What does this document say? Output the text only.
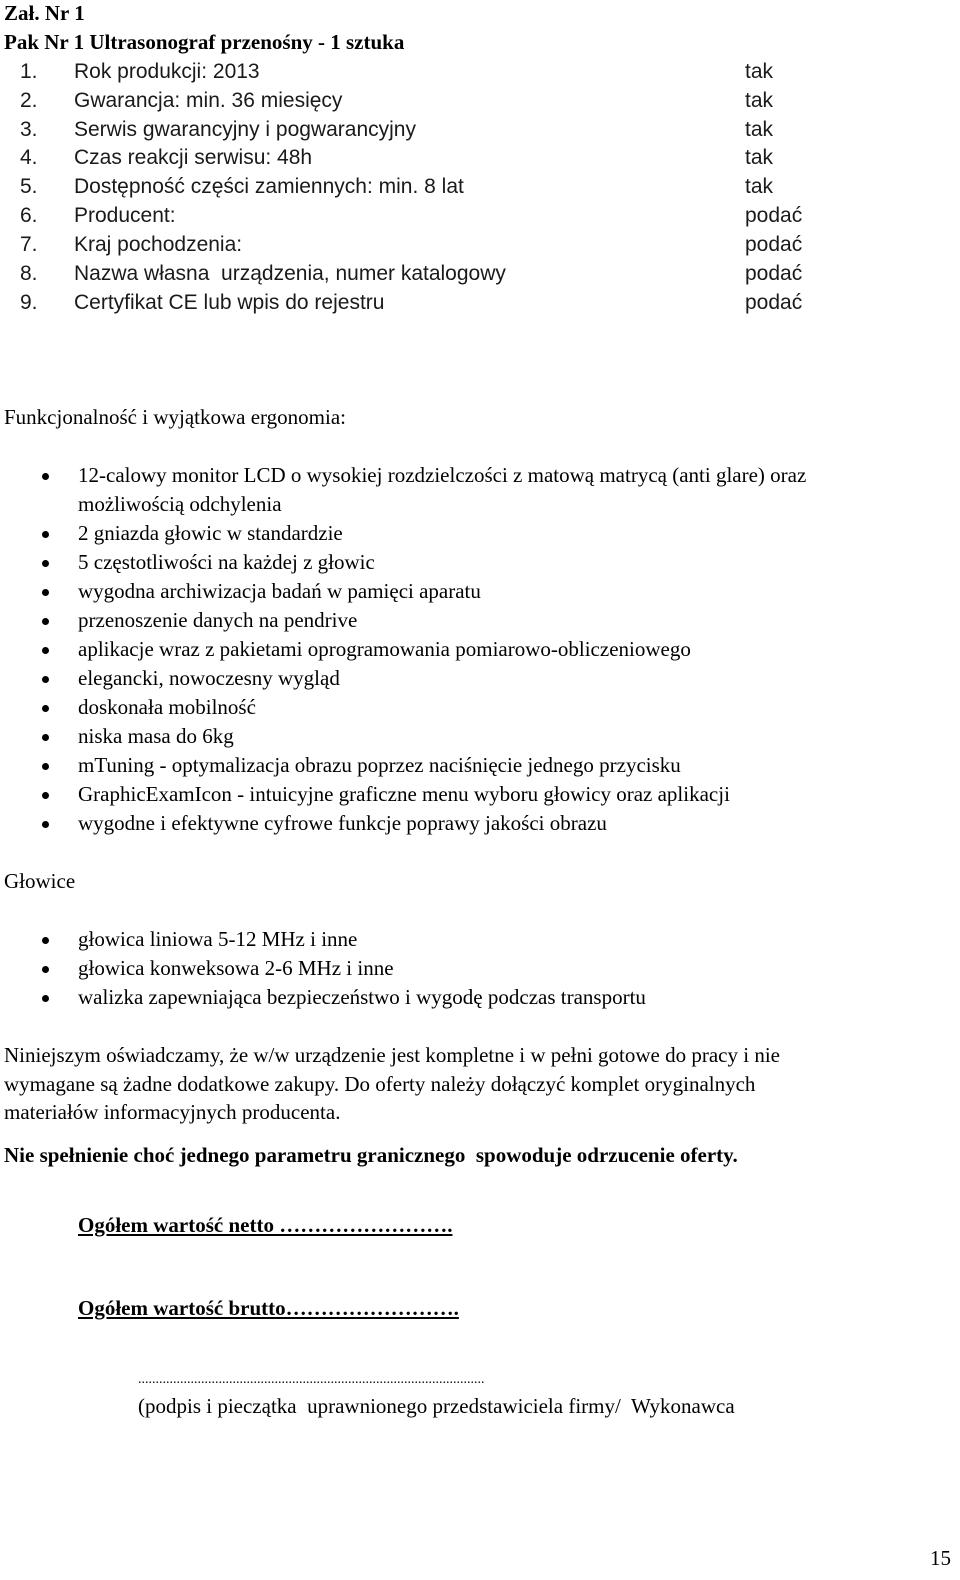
Zał. Nr 1
Pak Nr 1 Ultrasonograf przenośny - 1 sztuka
1. Rok produkcji: 2013	tak
2. Gwarancja: min. 36 miesięcy	tak
3. Serwis gwarancyjny i pogwarancyjny	tak
4. Czas reakcji serwisu: 48h	tak
5. Dostępność części zamiennych: min. 8 lat	tak
6. Producent:	podać
7. Kraj pochodzenia:	podać
8. Nazwa własna  urządzenia, numer katalogowy	podać
9. Certyfikat CE lub wpis do rejestru	podać
Funkcjonalność i wyjątkowa ergonomia:
12-calowy monitor LCD o wysokiej rozdzielczości z matową matrycą (anti glare) oraz
możliwością odchylenia
2 gniazda głowic w standardzie
5 częstotliwości na każdej z głowic
wygodna archiwizacja badań w pamięci aparatu
przenoszenie danych na pendrive
aplikacje wraz z pakietami oprogramowania pomiarowo-obliczeniowego
elegancki, nowoczesny wygląd
doskonała mobilność
niska masa do 6kg
mTuning - optymalizacja obrazu poprzez naciśnięcie jednego przycisku
GraphicExamIcon - intuicyjne graficzne menu wyboru głowicy oraz aplikacji
wygodne i efektywne cyfrowe funkcje poprawy jakości obrazu
Głowice
głowica liniowa 5-12 MHz i inne
głowica konweksowa 2-6 MHz i inne
walizka zapewniająca bezpieczeństwo i wygodę podczas transportu
Niniejszym oświadczamy, że w/w urządzenie jest kompletne i w pełni gotowe do pracy i nie
wymagane są żadne dodatkowe zakupy. Do oferty należy dołączyć komplet oryginalnych
materiałów informacyjnych producenta.
Nie spełnienie choć jednego parametru granicznego  spowoduje odrzucenie oferty.
Ogółem wartość netto …………………….
Ogółem wartość brutto…………………….
...................................................................................................
(podpis i pieczątka  uprawnionego przedstawiciela firmy/  Wykonawca
15
